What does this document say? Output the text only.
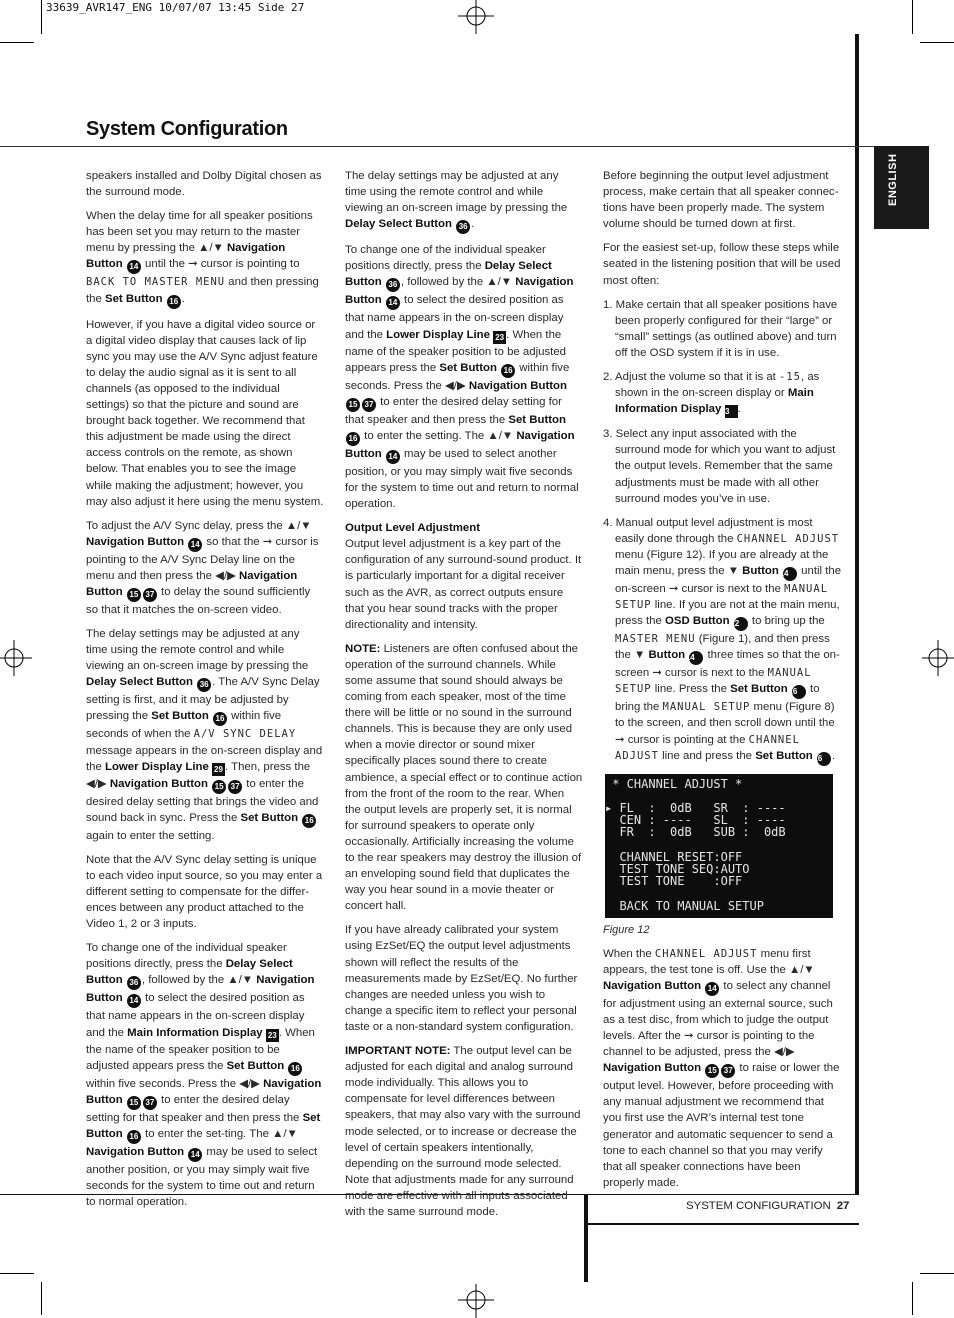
33639_AVR147_ENG 10/07/07 13:45 Side 27
System Configuration
ENGLISH

speakers installed and Dolby Digital chosen as the surround mode.

When the delay time for all speaker positions has been set you may return to the master menu by pressing the ▲/▼ Navigation Button 14 until the ➞ cursor is pointing to BACK TO MASTER MENU and then pressing the Set Button 16 .

However, if you have a digital video source or a digital video display that causes lack of lip sync you may use the A/V Sync adjust feature to delay the audio signal as it is sent to all channels (as opposed to the individual settings) so that the picture and sound are brought back together. We recommend that this adjustment be made using the direct access controls on the remote, as shown below. That enables you to see the image while making the adjustment; however, you may also adjust it here using the menu system.

To adjust the A/V Sync delay, press the ▲/▼ Navigation Button 14 so that the ➞ cursor is pointing to the A/V Sync Delay line on the menu and then press the ◀/▶ Navigation Button 15 37 to delay the sound sufficiently so that it matches the on-screen video.

The delay settings may be adjusted at any time using the remote control and while viewing an on-screen image by pressing the Delay Select Button 36 . The A/V Sync Delay setting is first, and it may be adjusted by pressing the Set Button 16 within five seconds of when the A/V SYNC DELAY message appears in the on-screen display and the Lower Display Line 29 . Then, press the ◀/▶ Navigation Button 15 37 to enter the desired delay setting that brings the video and sound back in sync. Press the Set Button 16 again to enter the setting.

Note that the A/V Sync delay setting is unique to each video input source, so you may enter a different setting to compensate for the differ-ences between any product attached to the Video 1, 2 or 3 inputs.

To change one of the individual speaker positions directly, press the Delay Select Button 36 , followed by the ▲/▼ Navigation Button 14 to select the desired position as that name appears in the on-screen display and the Main Information Display 23 . When the name of the speaker position to be adjusted appears press the Set Button 16 within five seconds. Press the ◀/▶ Navigation Button 15 37 to enter the desired delay setting for that speaker and then press the Set Button 16 to enter the set-ting. The ▲/▼ Navigation Button 14 may be used to select another position, or you may simply wait five seconds for the system to time out and return to normal operation.

The delay settings may be adjusted at any time using the remote control and while viewing an on-screen image by pressing the Delay Select Button 36 .

To change one of the individual speaker positions directly, press the Delay Select Button 36 , followed by the ▲/▼ Navigation Button 14 to select the desired position as that name appears in the on-screen display and the Lower Display Line 23 . When the name of the speaker position to be adjusted appears press the Set Button 16 within five seconds. Press the ◀/▶ Navigation Button 15 37 to enter the desired delay setting for that speaker and then press the Set Button 16 to enter the setting. The ▲/▼ Navigation Button 14 may be used to select another position, or you may simply wait five seconds for the system to time out and return to normal operation.

Output Level Adjustment

Output level adjustment is a key part of the configuration of any surround-sound product. It is particularly important for a digital receiver such as the AVR, as correct outputs ensure that you hear sound tracks with the proper directionality and intensity.

NOTE: Listeners are often confused about the operation of the surround channels. While some assume that sound should always be coming from each speaker, most of the time there will be little or no sound in the surround channels. This is because they are only used when a movie director or sound mixer specifically places sound there to create ambience, a special effect or to continue action from the front of the room to the rear. When the output levels are properly set, it is normal for surround speakers to operate only occasionally. Artificially increasing the volume to the rear speakers may destroy the illusion of an enveloping sound field that duplicates the way you hear sound in a movie theater or concert hall.

If you have already calibrated your system using EzSet/EQ the output level adjustments shown will reflect the results of the measurements made by EzSet/EQ. No further changes are needed unless you wish to change a specific item to reflect your personal taste or a non-standard system configuration.

IMPORTANT NOTE: The output level can be adjusted for each digital and analog surround mode individually. This allows you to compensate for level differences between speakers, that may also vary with the surround mode selected, or to increase or decrease the level of certain speakers intentionally, depending on the surround mode selected. Note that adjustments made for any surround mode are effective with all inputs associated with the same surround mode.

Before beginning the output level adjustment process, make certain that all speaker connec-tions have been properly made. The system volume should be turned down at first.

For the easiest set-up, follow these steps while seated in the listening position that will be used most often:

1. Make certain that all speaker positions have been properly configured for their “large” or “small” settings (as outlined above) and turn off the OSD system if it is in use.

2. Adjust the volume so that it is at -15, as shown in the on-screen display or Main Information Display 23 .

3. Select any input associated with the surround mode for which you want to adjust the output levels. Remember that the same adjustments must be made with all other surround modes you’ve in use.

4. Manual output level adjustment is most easily done through the CHANNEL ADJUST menu (Figure 12). If you are already at the main menu, press the ▼ Button 14 until the on-screen ➞ cursor is next to the MANUAL SETUP line. If you are not at the main menu, press the OSD Button 22 to bring up the MASTER MENU (Figure 1), and then press the ▼ Button 14 three times so that the on-screen ➞ cursor is next to the MANUAL SETUP line. Press the Set Button 16 to bring the MANUAL SETUP menu (Figure 8) to the screen, and then scroll down until the ➞ cursor is pointing at the CHANNEL ADJUST line and press the Set Button 16 .

* CHANNEL ADJUST *

▸ FL  :  0dB   SR  : ----
CEN : ----   SL  : ----
FR  :  0dB   SUB :  0dB

CHANNEL RESET:OFF
TEST TONE SEQ:AUTO
TEST TONE    :OFF

BACK TO MANUAL SETUP
Figure 12

When the CHANNEL ADJUST menu first appears, the test tone is off. Use the ▲/▼ Navigation Button 14 to select any channel for adjustment using an external source, such as a test disc, from which to judge the output levels. After the ➞ cursor is pointing to the channel to be adjusted, press the ◀/▶ Navigation Button 15 37 to raise or lower the output level. However, before proceeding with any manual adjustment we recommend that you first use the AVR’s internal test tone generator and automatic sequencer to send a tone to each channel so that you may verify that all speaker connections have been properly made.

SYSTEM CONFIGURATION 27
